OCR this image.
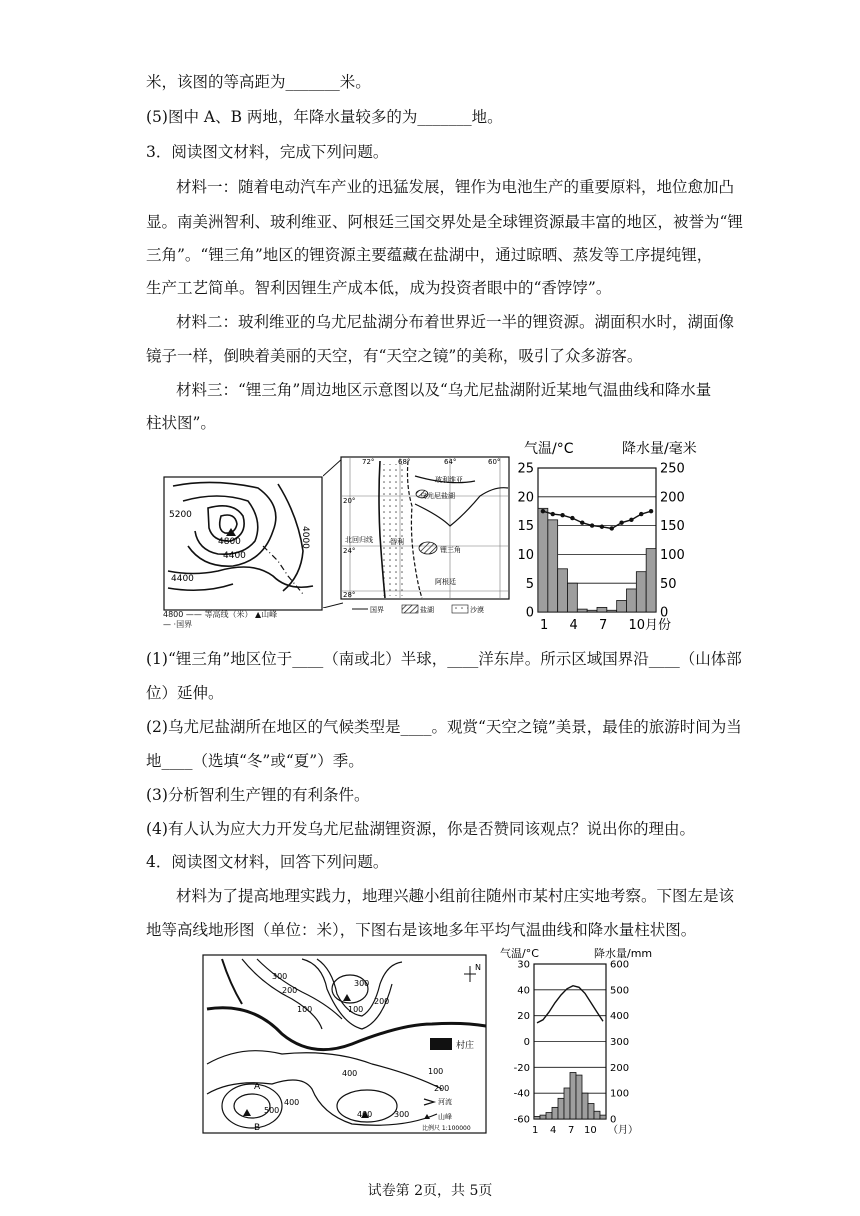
米，该图的等高距为_______米。
(5)图中 A、B 两地，年降水量较多的为_______地。
3．阅读图文材料，完成下列问题。
材料一：随着电动汽车产业的迅猛发展，锂作为电池生产的重要原料，地位愈加凸
显。南美洲智利、玻利维亚、阿根廷三国交界处是全球锂资源最丰富的地区，被誉为“锂
三角”。“锂三角”地区的锂资源主要蕴藏在盐湖中，通过晾晒、蒸发等工序提纯锂，
生产工艺简单。智利因锂生产成本低，成为投资者眼中的“香饽饽”。
材料二：玻利维亚的乌尤尼盐湖分布着世界近一半的锂资源。湖面积水时，湖面像
镜子一样，倒映着美丽的天空，有“天空之镜”的美称，吸引了众多游客。
材料三：“锂三角”周边地区示意图以及“乌尤尼盐湖附近某地气温曲线和降水量
柱状图”。
5200
4800
4400
4400
4000
4800 —— 等高线（米） ▲山峰
— ·国界
72°	68°	64°	60°
20°
24°
28°
玻利维亚
乌尤尼盐湖
北回归线 智利
锂三角
阿根廷
国界	盐湖	沙漠
气温/°C	降水量/毫米
25
20
15
10
5
0
250
200
150
100
50
0
1 4 7 10月份
(1)“锂三角”地区位于____（南或北）半球，____洋东岸。所示区域国界沿____（山体部
位）延伸。
(2)乌尤尼盐湖所在地区的气候类型是____。观赏“天空之镜”美景，最佳的旅游时间为当
地____（选填“冬”或“夏”）季。
(3)分析智利生产锂的有利条件。
(4)有人认为应大力开发乌尤尼盐湖锂资源，你是否赞同该观点？说出你的理由。
4．阅读图文材料，回答下列问题。
材料为了提高地理实践力，地理兴趣小组前往随州市某村庄实地考察。下图左是该
地等高线地形图（单位：米），下图右是该地多年平均气温曲线和降水量柱状图。
村庄
N
300
200
100
300
200
100
100
200
400
500	400	300
400
A
B
河流
山峰
比例尺 1:100000
气温/°C	降水量/mm
30
40
20
0
-20
-40
-60
600
500
400
300
200
100
0
1 4 7 10 （月）
试卷第 2页，共 5页
